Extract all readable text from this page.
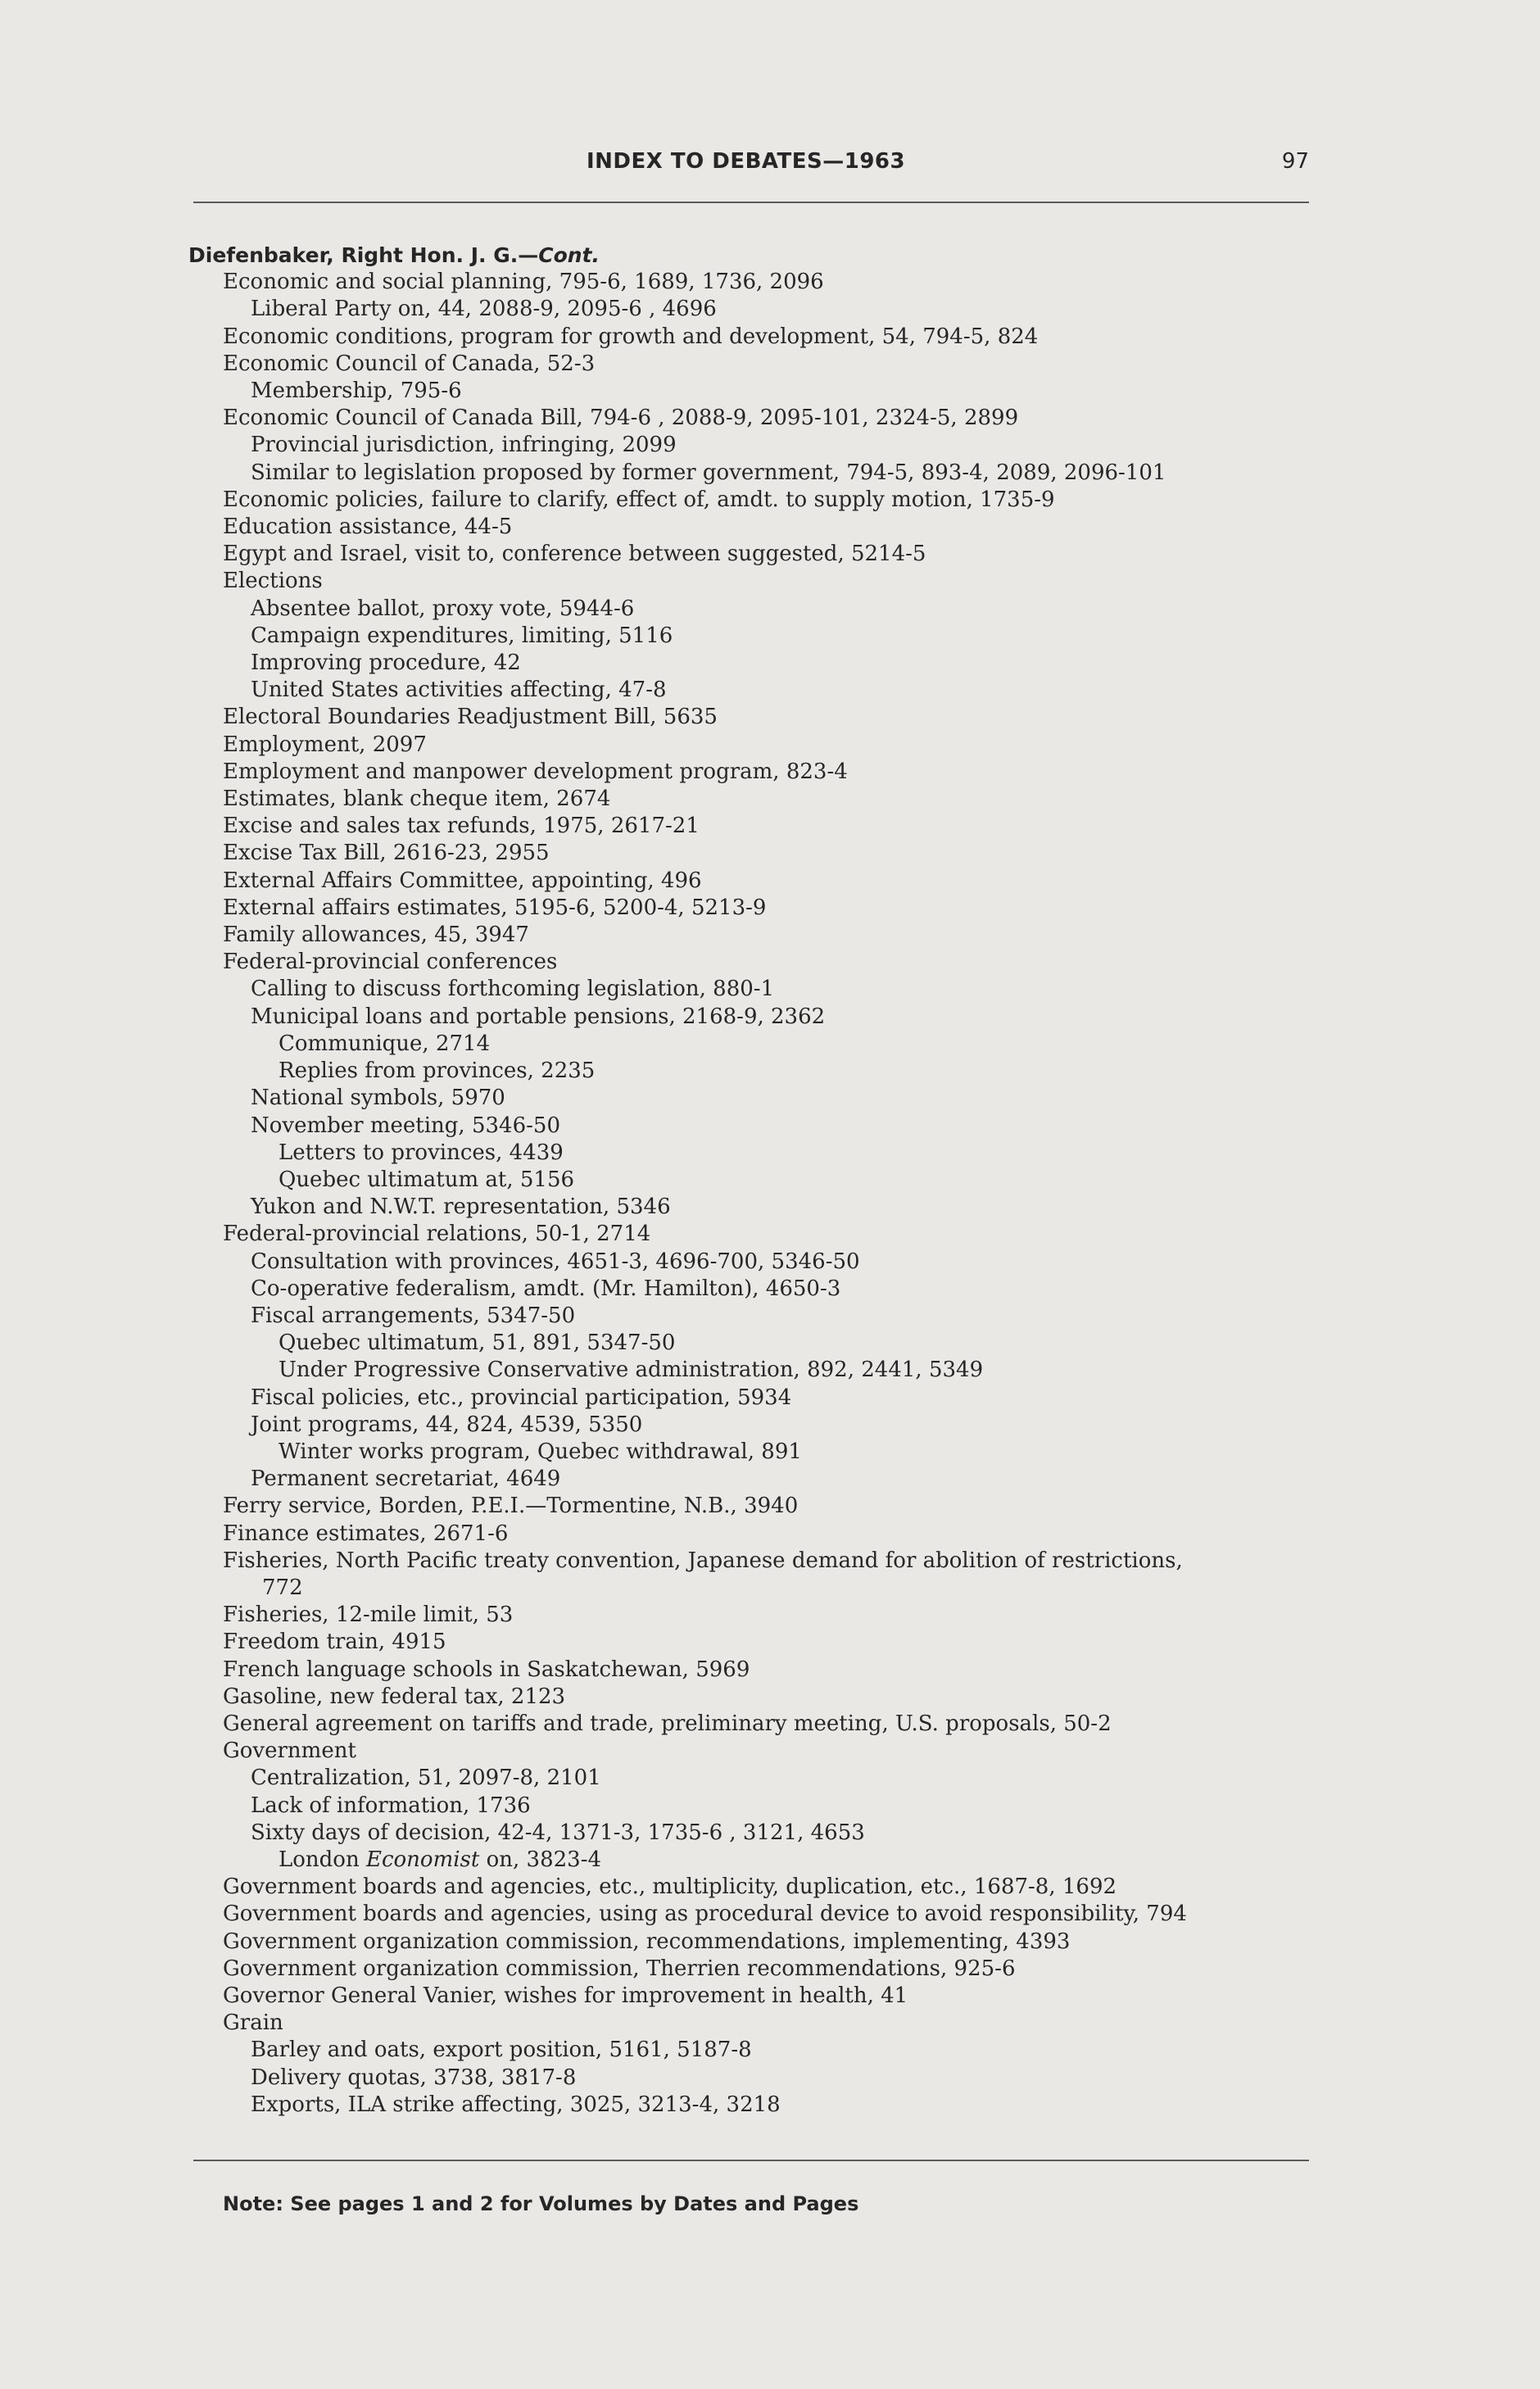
INDEX TO DEBATES—1963	97
Diefenbaker, Right Hon. J. G.—Cont.
Economic and social planning, 795-6, 1689, 1736, 2096
Liberal Party on, 44, 2088-9, 2095-6 , 4696
Economic conditions, program for growth and development, 54, 794-5, 824
Economic Council of Canada, 52-3
Membership, 795-6
Economic Council of Canada Bill, 794-6 , 2088-9, 2095-101, 2324-5, 2899
Provincial jurisdiction, infringing, 2099
Similar to legislation proposed by former government, 794-5, 893-4, 2089, 2096-101
Economic policies, failure to clarify, effect of, amdt. to supply motion, 1735-9
Education assistance, 44-5
Egypt and Israel, visit to, conference between suggested, 5214-5
Elections
Absentee ballot, proxy vote, 5944-6
Campaign expenditures, limiting, 5116
Improving procedure, 42
United States activities affecting, 47-8
Electoral Boundaries Readjustment Bill, 5635
Employment, 2097
Employment and manpower development program, 823-4
Estimates, blank cheque item, 2674
Excise and sales tax refunds, 1975, 2617-21
Excise Tax Bill, 2616-23, 2955
External Affairs Committee, appointing, 496
External affairs estimates, 5195-6, 5200-4, 5213-9
Family allowances, 45, 3947
Federal-provincial conferences
Calling to discuss forthcoming legislation, 880-1
Municipal loans and portable pensions, 2168-9, 2362
Communique, 2714
Replies from provinces, 2235
National symbols, 5970
November meeting, 5346-50
Letters to provinces, 4439
Quebec ultimatum at, 5156
Yukon and N.W.T. representation, 5346
Federal-provincial relations, 50-1, 2714
Consultation with provinces, 4651-3, 4696-700, 5346-50
Co-operative federalism, amdt. (Mr. Hamilton), 4650-3
Fiscal arrangements, 5347-50
Quebec ultimatum, 51, 891, 5347-50
Under Progressive Conservative administration, 892, 2441, 5349
Fiscal policies, etc., provincial participation, 5934
Joint programs, 44, 824, 4539, 5350
Winter works program, Quebec withdrawal, 891
Permanent secretariat, 4649
Ferry service, Borden, P.E.I.—Tormentine, N.B., 3940
Finance estimates, 2671-6
Fisheries, North Pacific treaty convention, Japanese demand for abolition of restrictions,
772
Fisheries, 12-mile limit, 53
Freedom train, 4915
French language schools in Saskatchewan, 5969
Gasoline, new federal tax, 2123
General agreement on tariffs and trade, preliminary meeting, U.S. proposals, 50-2
Government
Centralization, 51, 2097-8, 2101
Lack of information, 1736
Sixty days of decision, 42-4, 1371-3, 1735-6 , 3121, 4653
London Economist on, 3823-4
Government boards and agencies, etc., multiplicity, duplication, etc., 1687-8, 1692
Government boards and agencies, using as procedural device to avoid responsibility, 794
Government organization commission, recommendations, implementing, 4393
Government organization commission, Therrien recommendations, 925-6
Governor General Vanier, wishes for improvement in health, 41
Grain
Barley and oats, export position, 5161, 5187-8
Delivery quotas, 3738, 3817-8
Exports, ILA strike affecting, 3025, 3213-4, 3218
Note: See pages 1 and 2 for Volumes by Dates and Pages
